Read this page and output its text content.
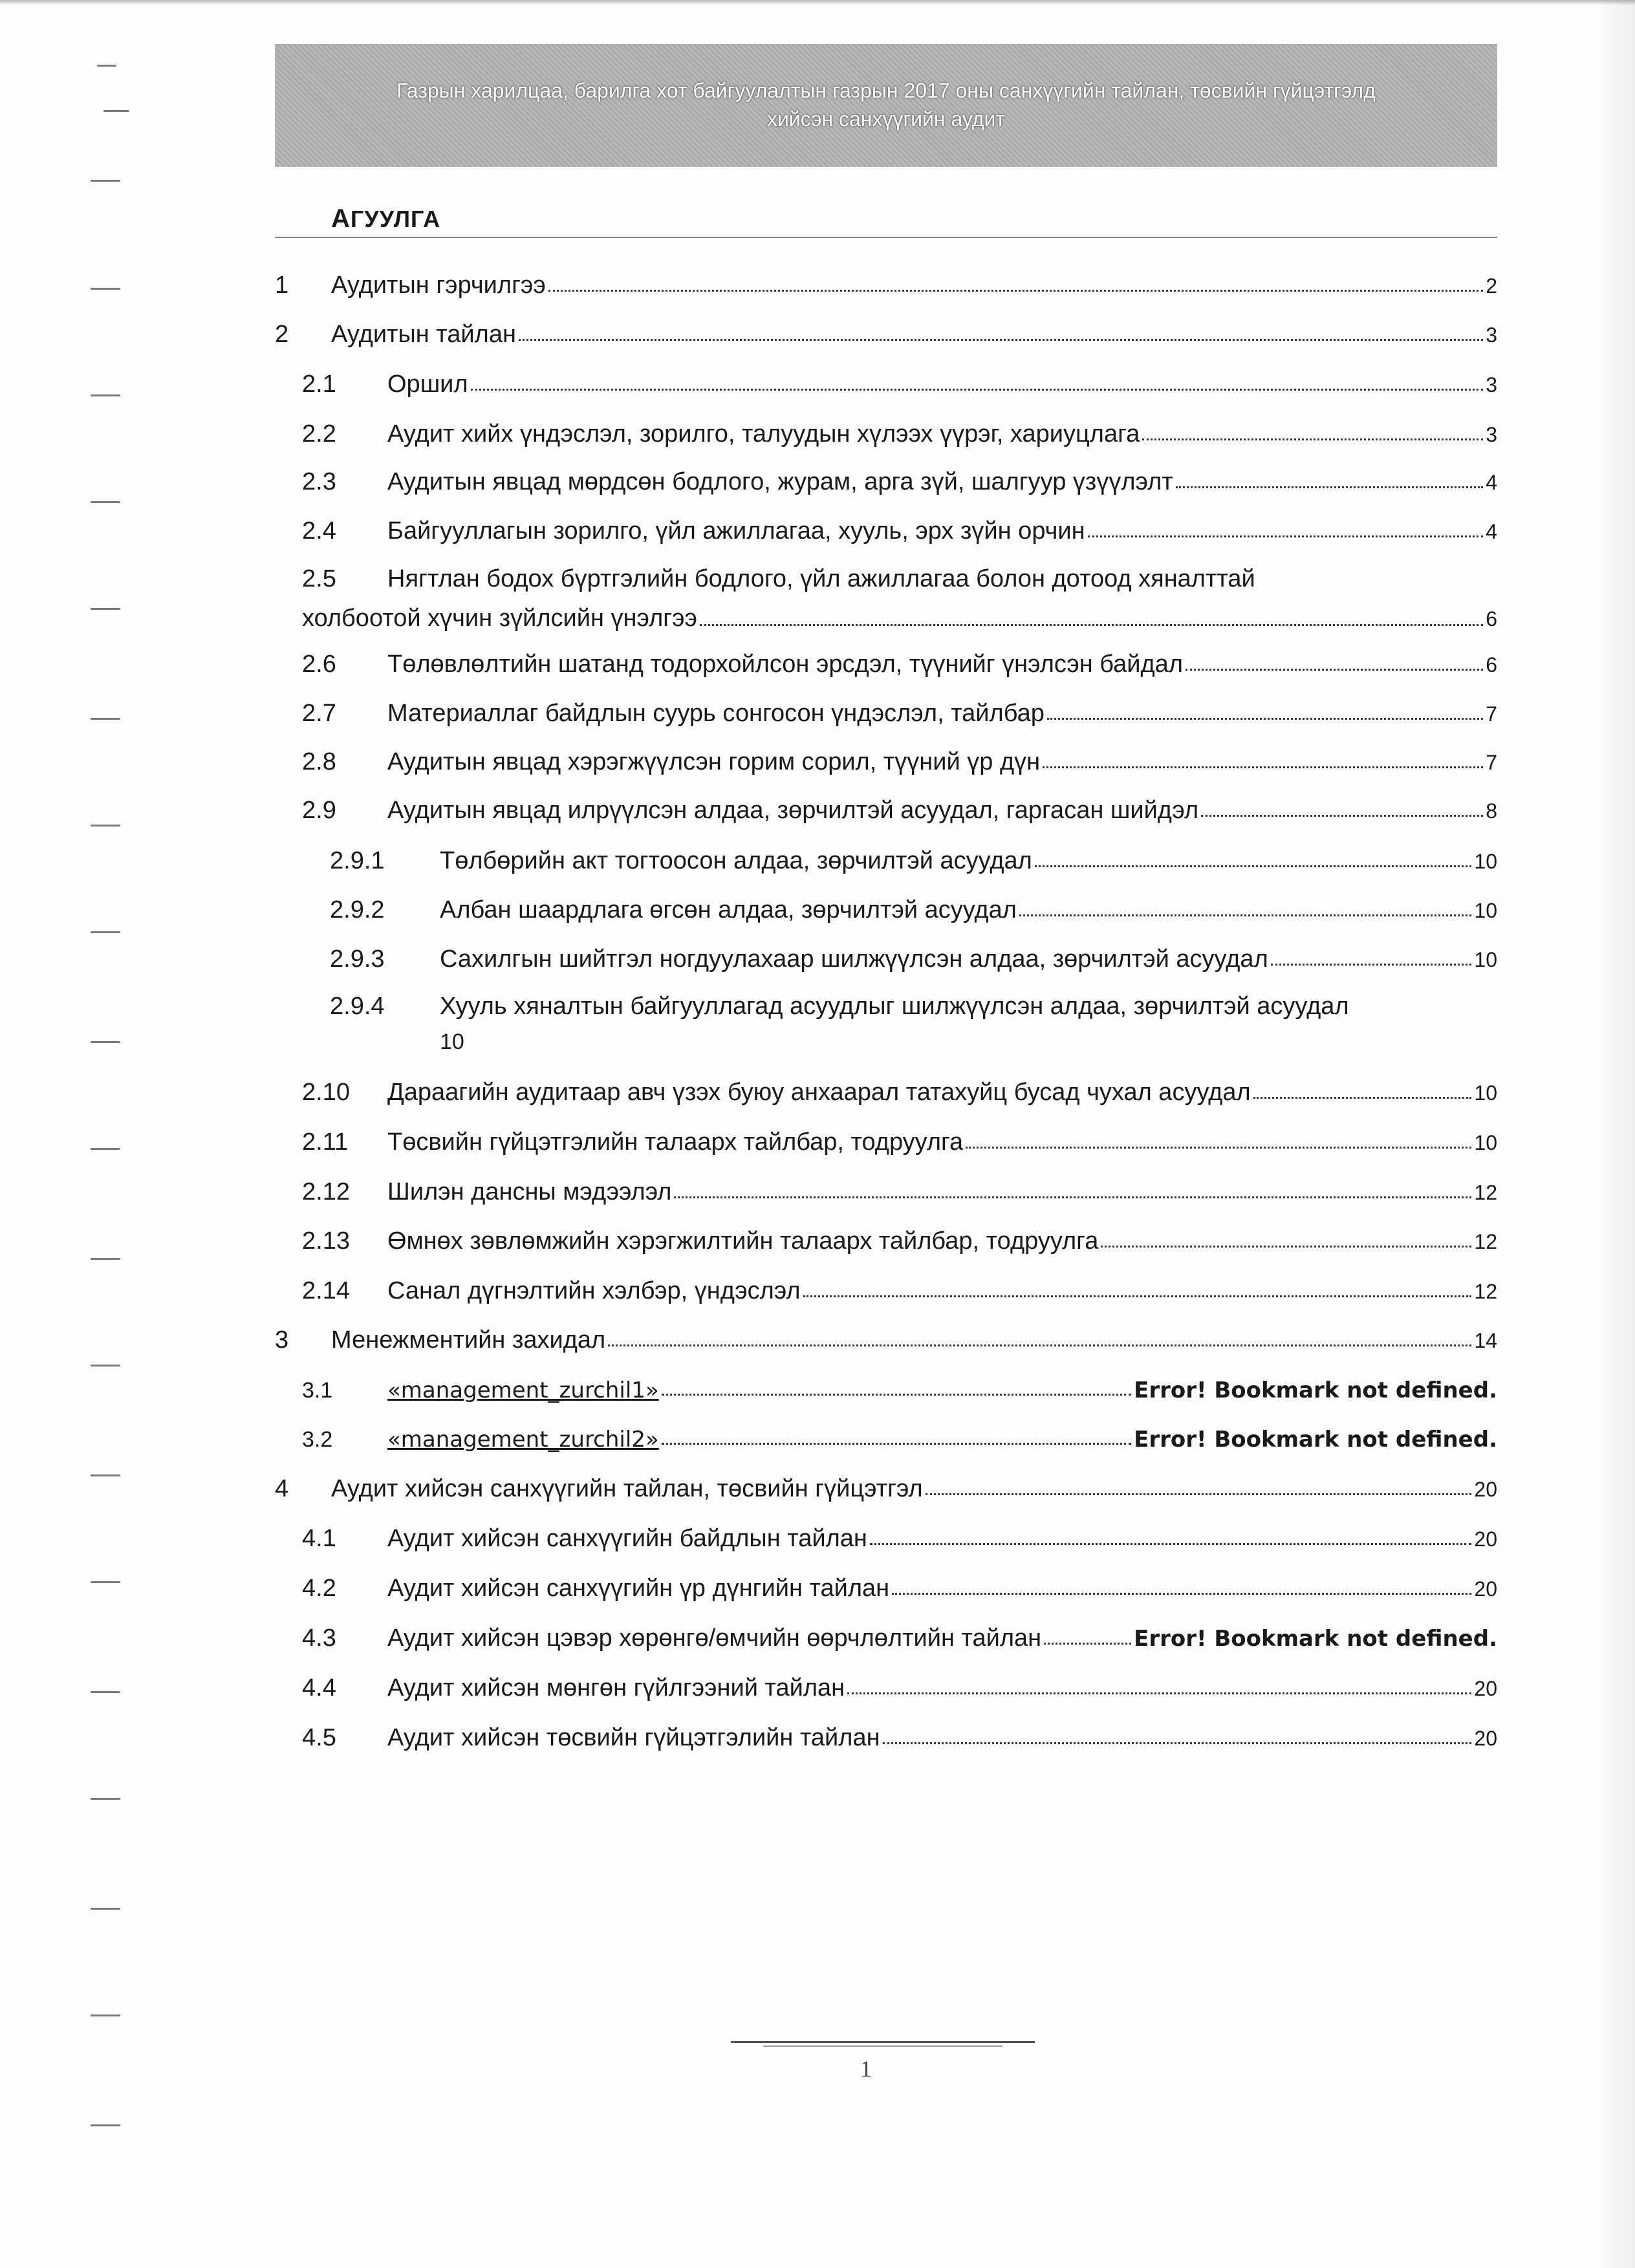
Газрын харилцаа, барилга хот байгуулалтын газрын 2017 оны санхүүгийн тайлан, төсвийн гүйцэтгэлд
хийсэн санхүүгийн аудит
АГУУЛГА
1	Аудитын гэрчилгээ	2
2	Аудитын тайлан	3
2.1	Оршил	3
2.2	Аудит хийх үндэслэл, зорилго, талуудын хүлээх үүрэг, хариуцлага	3
2.3	Аудитын явцад мөрдсөн бодлого, журам, арга зүй, шалгуур үзүүлэлт	4
2.4	Байгууллагын зорилго, үйл ажиллагаа, хууль, эрх зүйн орчин	4
2.5 Нягтлан бодох бүртгэлийн бодлого, үйл ажиллагаа болон дотоод хяналттай
холбоотой хүчин зүйлсийн үнэлгээ	6
2.6	Төлөвлөлтийн шатанд тодорхойлсон эрсдэл, түүнийг үнэлсэн байдал	6
2.7	Материаллаг байдлын суурь сонгосон үндэслэл, тайлбар	7
2.8	Аудитын явцад хэрэгжүүлсэн горим сорил, түүний үр дүн	7
2.9	Аудитын явцад илрүүлсэн алдаа, зөрчилтэй асуудал, гаргасан шийдэл	8
2.9.1	Төлбөрийн акт тогтоосон алдаа, зөрчилтэй асуудал	10
2.9.2	Албан шаардлага өгсөн алдаа, зөрчилтэй асуудал	10
2.9.3	Сахилгын шийтгэл ногдуулахаар шилжүүлсэн алдаа, зөрчилтэй асуудал	10
2.9.4 Хууль хяналтын байгууллагад асуудлыг шилжүүлсэн алдаа, зөрчилтэй асуудал
10
2.10	Дараагийн аудитаар авч үзэх буюу анхаарал татахуйц бусад чухал асуудал	10
2.11	Төсвийн гүйцэтгэлийн талаарх тайлбар, тодруулга	10
2.12	Шилэн дансны мэдээлэл	12
2.13	Өмнөх зөвлөмжийн хэрэгжилтийн талаарх тайлбар, тодруулга	12
2.14	Санал дүгнэлтийн хэлбэр, үндэслэл	12
3	Менежментийн захидал	14
3.1	«management_zurchil1»	Error! Bookmark not defined.
3.2	«management_zurchil2»	Error! Bookmark not defined.
4	Аудит хийсэн санхүүгийн тайлан, төсвийн гүйцэтгэл	20
4.1	Аудит хийсэн санхүүгийн байдлын тайлан	20
4.2	Аудит хийсэн санхүүгийн үр дүнгийн тайлан	20
4.3	Аудит хийсэн цэвэр хөрөнгө/өмчийн өөрчлөлтийн тайлан	Error! Bookmark not defined.
4.4	Аудит хийсэн мөнгөн гүйлгээний тайлан	20
4.5	Аудит хийсэн төсвийн гүйцэтгэлийн тайлан	20
1
